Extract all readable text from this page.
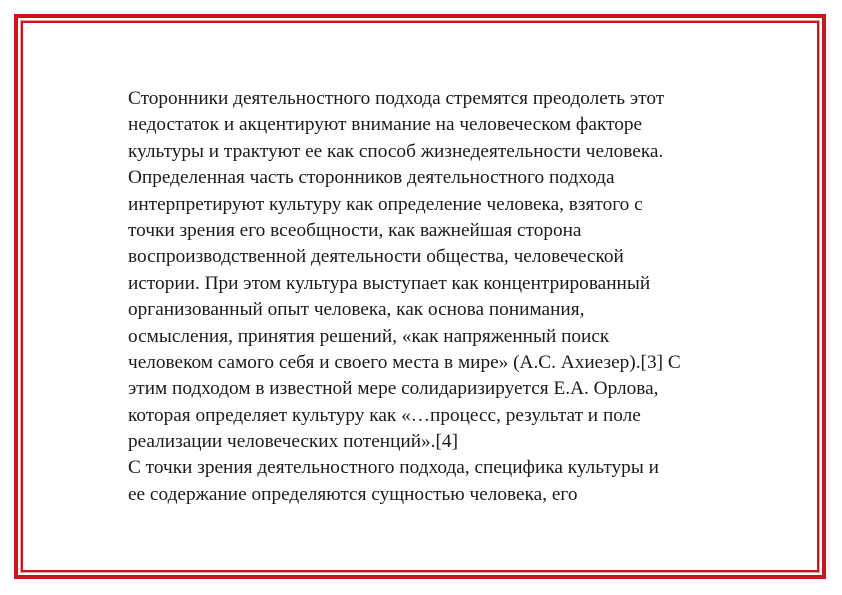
Сторонники деятельностного подхода стремятся преодолеть этот
недостаток и акцентируют внимание на человеческом факторе
культуры и трактуют ее как способ жизнедеятельности человека.
Определенная часть сторонников деятельностного подхода
интерпретируют культуру как определение человека, взятого с
точки зрения его всеобщности, как важнейшая сторона
воспроизводственной деятельности общества, человеческой
истории. При этом культура выступает как концентрированный
организованный опыт человека, как основа понимания,
осмысления, принятия решений, «как напряженный поиск
человеком самого себя и своего места в мире» (А.С. Ахиезер).[3] С
этим подходом в известной мере солидаризируется Е.А. Орлова,
которая определяет культуру как «…процесс, результат и поле
реализации человеческих потенций».[4]
С точки зрения деятельностного подхода, специфика культуры и
ее содержание определяются сущностью человека, его
